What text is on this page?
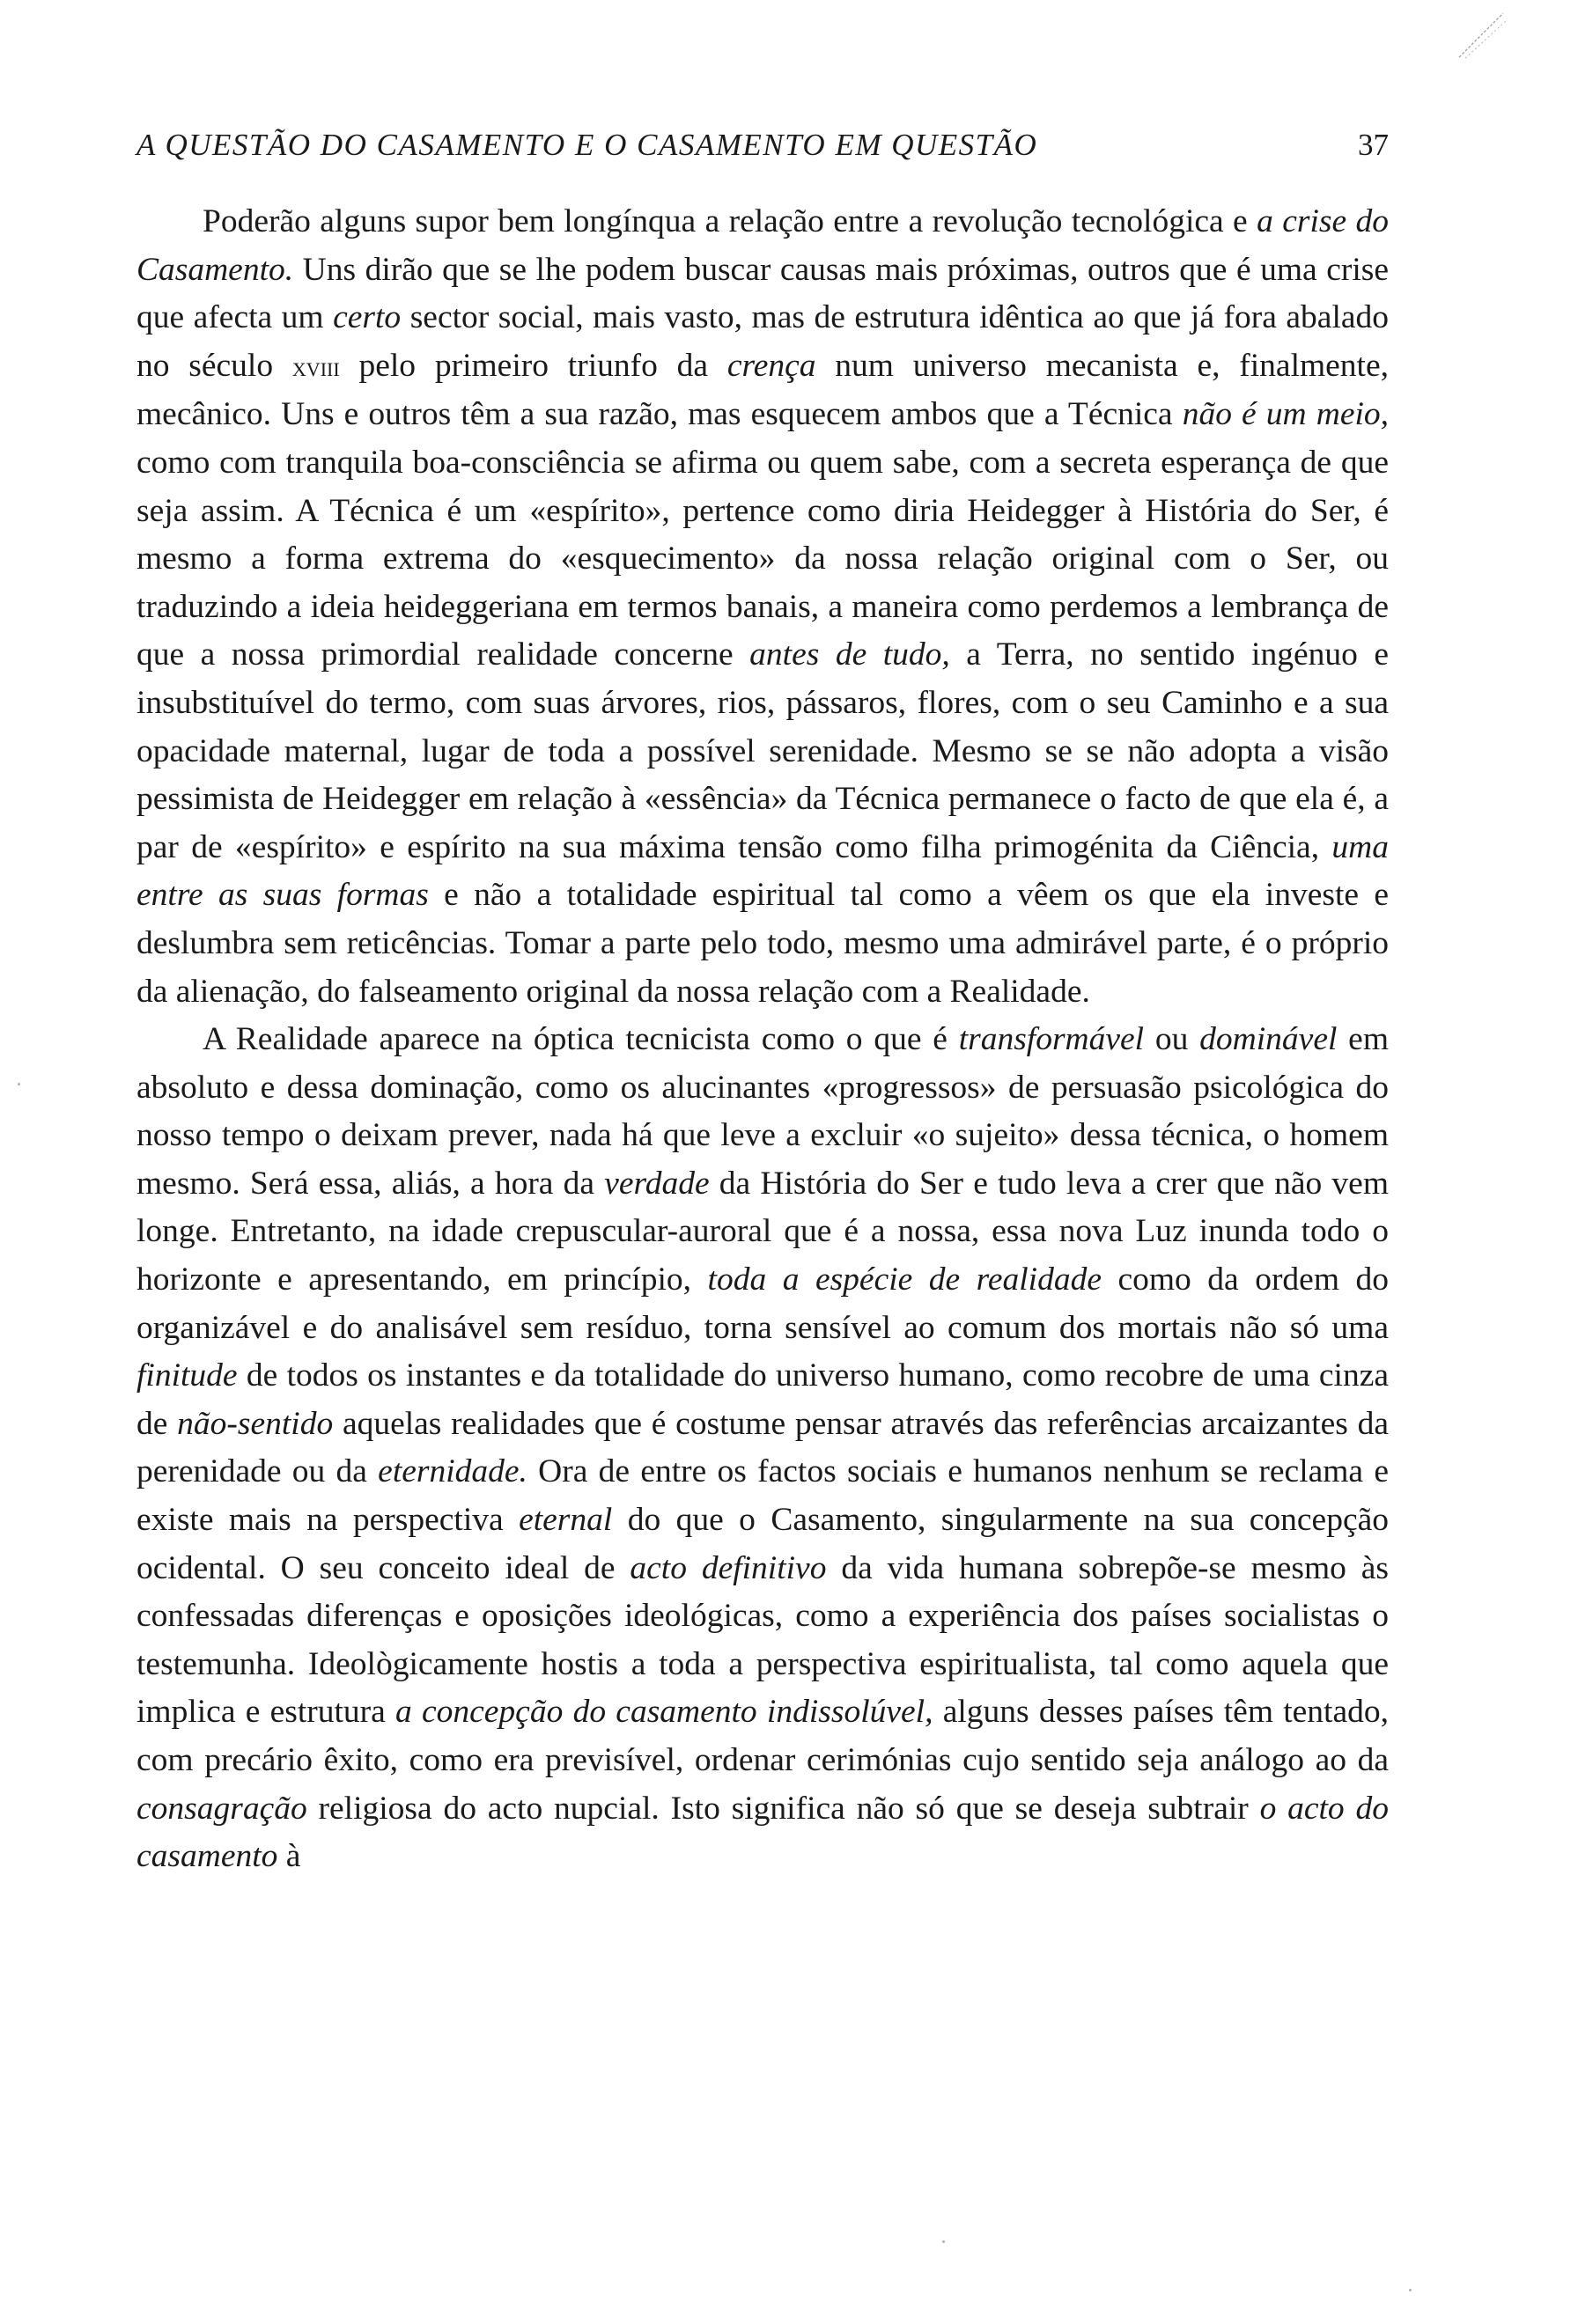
A QUESTÃO DO CASAMENTO E O CASAMENTO EM QUESTÃO	37

Poderão alguns supor bem longínqua a relação entre a revolução tecnológica e a crise do Casamento. Uns dirão que se lhe podem buscar causas mais próximas, outros que é uma crise que afecta um certo sector social, mais vasto, mas de estrutura idêntica ao que já fora abalado no século xviii pelo primeiro triunfo da crença num universo mecanista e, finalmente, mecânico. Uns e outros têm a sua razão, mas esquecem ambos que a Técnica não é um meio, como com tranquila boa-consciência se afirma ou quem sabe, com a secreta esperança de que seja assim. A Técnica é um «espírito», pertence como diria Heidegger à História do Ser, é mesmo a forma extrema do «esquecimento» da nossa relação original com o Ser, ou traduzindo a ideia heideggeriana em termos banais, a maneira como perdemos a lembrança de que a nossa primordial realidade concerne antes de tudo, a Terra, no sentido ingénuo e insubstituível do termo, com suas árvores, rios, pássaros, flores, com o seu Caminho e a sua opacidade maternal, lugar de toda a possível serenidade. Mesmo se se não adopta a visão pessimista de Heidegger em relação à «essência» da Técnica permanece o facto de que ela é, a par de «espírito» e espírito na sua máxima tensão como filha primogénita da Ciência, uma entre as suas formas e não a totalidade espiritual tal como a vêem os que ela investe e deslumbra sem reticências. Tomar a parte pelo todo, mesmo uma admirável parte, é o próprio da alienação, do falseamento original da nossa relação com a Realidade.

A Realidade aparece na óptica tecnicista como o que é transformável ou dominável em absoluto e dessa dominação, como os alucinantes «progressos» de persuasão psicológica do nosso tempo o deixam prever, nada há que leve a excluir «o sujeito» dessa técnica, o homem mesmo. Será essa, aliás, a hora da verdade da História do Ser e tudo leva a crer que não vem longe. Entretanto, na idade crepuscular-auroral que é a nossa, essa nova Luz inunda todo o horizonte e apresentando, em princípio, toda a espécie de realidade como da ordem do organizável e do analisável sem resíduo, torna sensível ao comum dos mortais não só uma finitude de todos os instantes e da totalidade do universo humano, como recobre de uma cinza de não-sentido aquelas realidades que é costume pensar através das referências arcaizantes da perenidade ou da eternidade. Ora de entre os factos sociais e humanos nenhum se reclama e existe mais na perspectiva eternal do que o Casamento, singularmente na sua concepção ocidental. O seu conceito ideal de acto definitivo da vida humana sobrepõe-se mesmo às confessadas diferenças e oposições ideológicas, como a experiência dos países socialistas o testemunha. Ideològicamente hostis a toda a perspectiva espiritualista, tal como aquela que implica e estrutura a concepção do casamento indissolúvel, alguns desses países têm tentado, com precário êxito, como era previsível, ordenar cerimónias cujo sentido seja análogo ao da consagração religiosa do acto nupcial. Isto significa não só que se deseja subtrair o acto do casamento à
